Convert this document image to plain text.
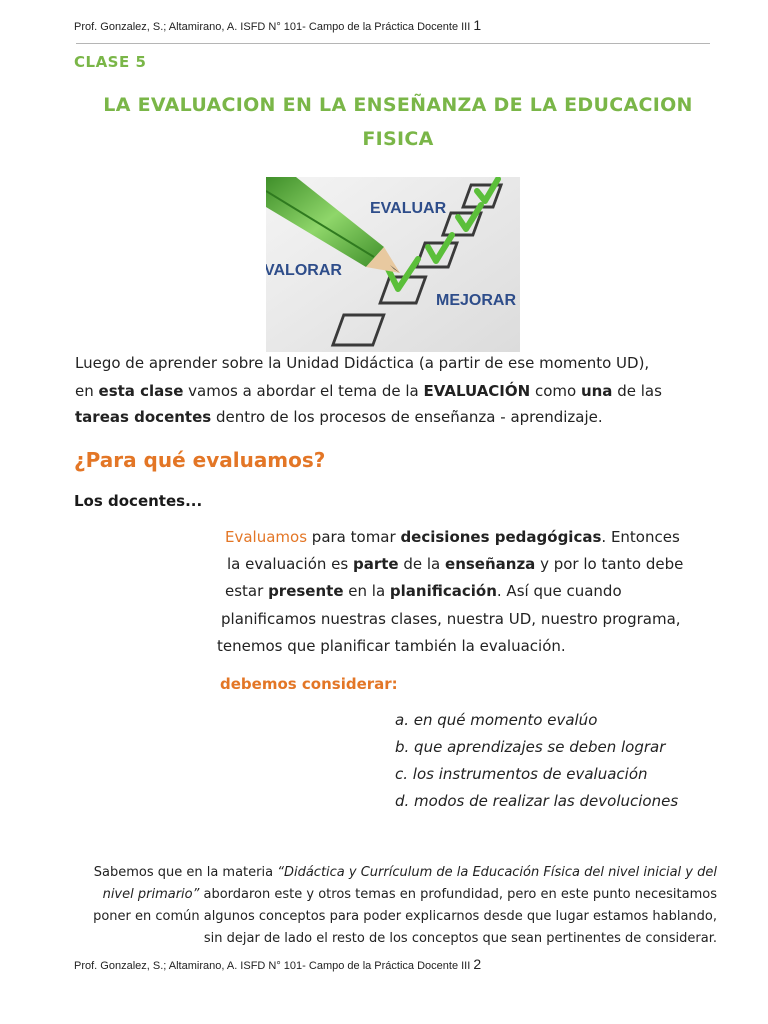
Prof. Gonzalez, S.; Altamirano, A. ISFD N° 101- Campo de la Práctica Docente III 1
CLASE 5
LA EVALUACION EN LA ENSEÑANZA DE LA EDUCACION
FISICA
EVALUAR
VALORAR
MEJORAR
Luego de aprender sobre la Unidad Didáctica (a partir de ese momento UD),
en esta clase vamos a abordar el tema de la EVALUACIÓN como una de las
tareas docentes dentro de los procesos de enseñanza - aprendizaje.
¿Para qué evaluamos?
Los docentes...
Evaluamos para tomar decisiones pedagógicas. Entonces
la evaluación es parte de la enseñanza y por lo tanto debe
estar presente en la planificación. Así que cuando
planificamos nuestras clases, nuestra UD, nuestro programa,
tenemos que planificar también la evaluación.
debemos considerar:
a. en qué momento evalúo
b. que aprendizajes se deben lograr
c. los instrumentos de evaluación
d. modos de realizar las devoluciones
Sabemos que en la materia “Didáctica y Currículum de la Educación Física del nivel inicial y del
nivel primario” abordaron este y otros temas en profundidad, pero en este punto necesitamos
poner en común algunos conceptos para poder explicarnos desde que lugar estamos hablando,
sin dejar de lado el resto de los conceptos que sean pertinentes de considerar.
Prof. Gonzalez, S.; Altamirano, A. ISFD N° 101- Campo de la Práctica Docente III 2
